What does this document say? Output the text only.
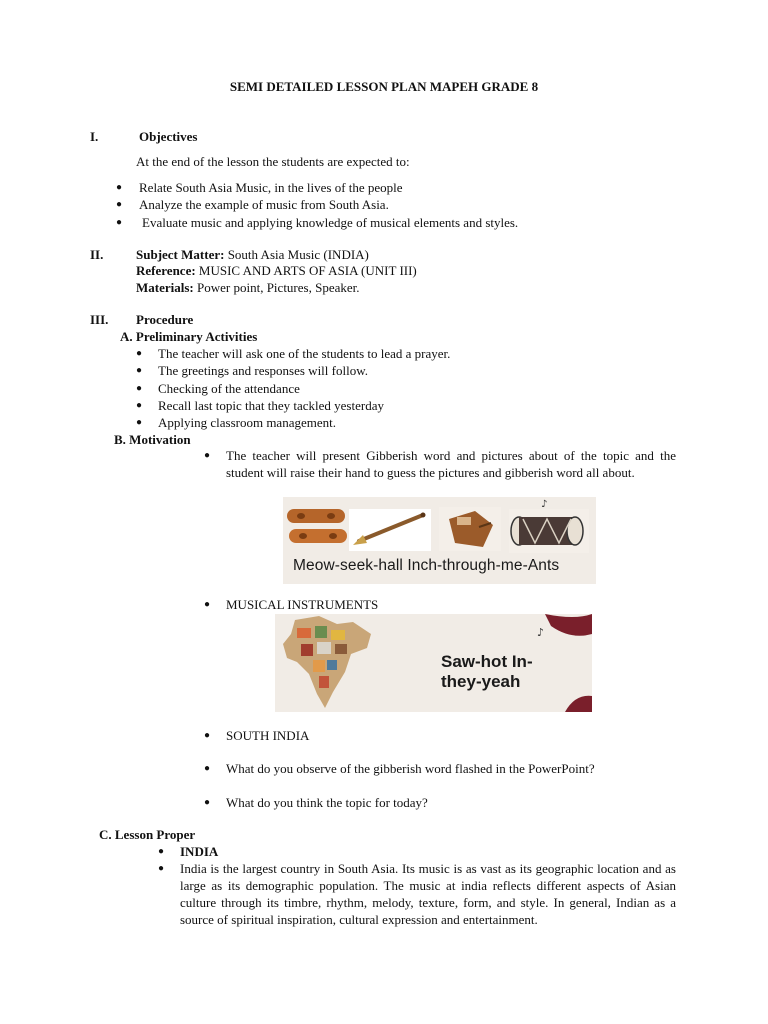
SEMI DETAILED LESSON PLAN MAPEH GRADE 8
I.	Objectives
At the end of the lesson the students are expected to:
● Relate South Asia Music, in the lives of the people
● Analyze the example of music from South Asia.
● Evaluate music and applying knowledge of musical elements and styles.
II.	Subject Matter: South Asia Music (INDIA)
Reference: MUSIC AND ARTS OF ASIA (UNIT III)
Materials: Power point, Pictures, Speaker.
III. Procedure
A. Preliminary Activities
● The teacher will ask one of the students to lead a prayer.
● The greetings and responses will follow.
● Checking of the attendance
● Recall last topic that they tackled yesterday
● Applying classroom management.
B. Motivation
● The teacher will present Gibberish word and pictures about of the topic and the student will raise their hand to guess the pictures and gibberish word all about.
♪
Meow-seek-hall Inch-through-me-Ants
● MUSICAL INSTRUMENTS
♪
Saw-hot In-
they-yeah
● SOUTH INDIA
● What do you observe of the gibberish word flashed in the PowerPoint?
● What do you think the topic for today?
C. Lesson Proper
● INDIA
● India is the largest country in South Asia. Its music is as vast as its geographic location and as large as its demographic population. The music at india reflects different aspects of Asian culture through its timbre, rhythm, melody, texture, form, and style. In general, Indian as a source of spiritual inspiration, cultural expression and entertainment.
